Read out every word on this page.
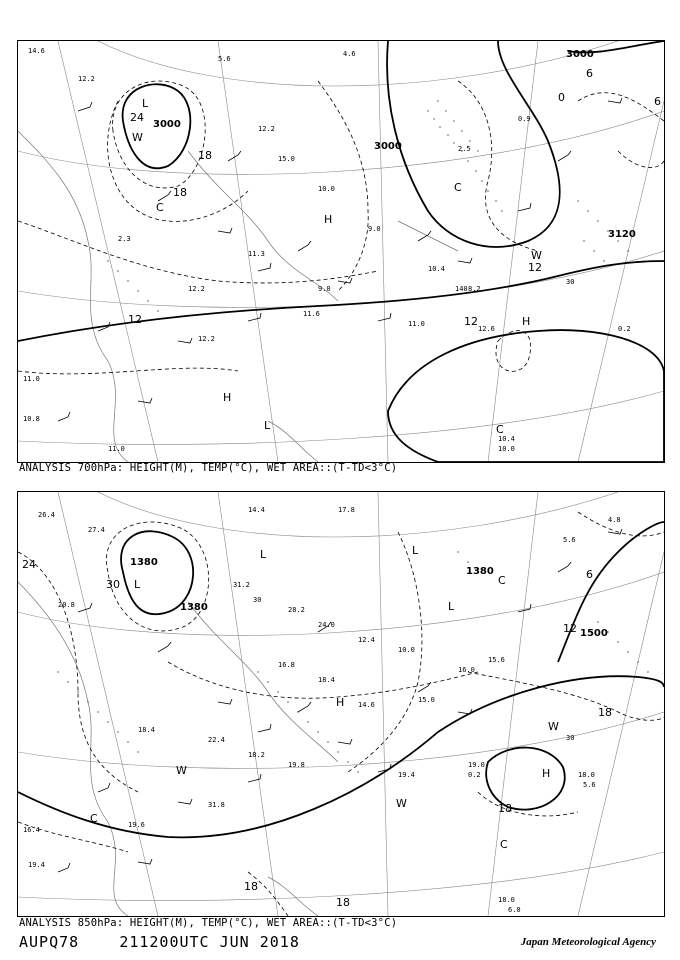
14.6
12.2
5.6
4.6
12.2
15.0
10.0
9.0
10.4
8.2
11.3
9.0
12.2
11.6
11.0
12.6
11.0
10.8
10.4
10.0
0.2
0.9
2.5
2.3
11.0
12.2
3000
3000
3000
3120
24
18
18
12	12
12
6
6
0
L
H
H
L
H
W
W
C
C
C
140
30
ANALYSIS 700hPa: HEIGHT(M), TEMP(°C), WET AREA::(T-TD<3°C)
26.4
27.4
14.4	17.8
31.2
30
28.2
24.0
12.4
10.0
16.0
15.6
16.8
18.4
14.6
15.0
22.4
18.2
19.8
19.4
19.0
0.2	18.0
5.6
16.4
19.4
31.8
19.6
18.0
6.0
5.6
4.8
20.8
18.4
1380
1380
1380
1500
30
24
18
18
18
18
12
6
L
L	L
L
H
H
W
W
W
C
C
C
30
ANALYSIS 850hPa: HEIGHT(M), TEMP(°C), WET AREA::(T-TD<3°C)
AUPQ78	211200UTC JUN 2018	Japan Meteorological Agency
